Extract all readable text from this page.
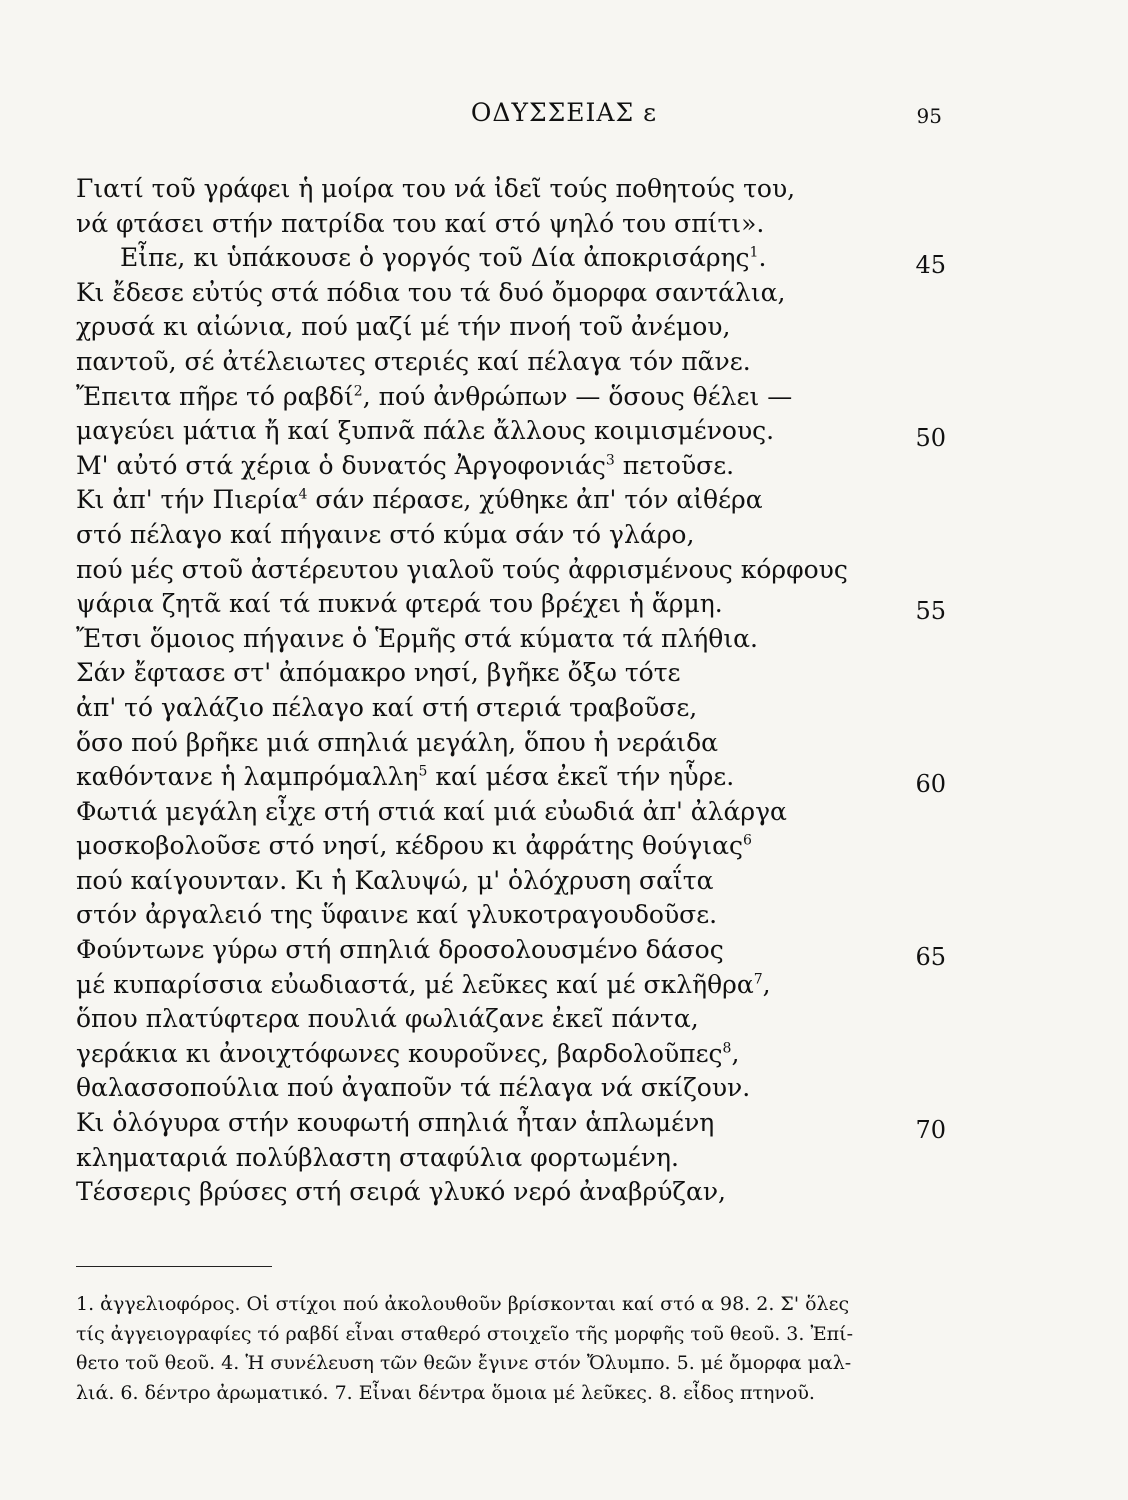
ΟΔΥΣΣΕΙΑΣ ε	95
Γιατί τοῦ γράφει ἡ μοίρα του νά ἰδεῖ τούς ποθητούς του,
νά φτάσει στήν πατρίδα του καί στό ψηλό του σπίτι».
Εἶπε, κι ὑπάκουσε ὁ γοργός τοῦ Δία ἀποκρισάρης$^1$.	45
Κι ἔδεσε εὐτύς στά πόδια του τά δυό ὄμορφα σαντάλια,
χρυσά κι αἰώνια, πού μαζί μέ τήν πνοή τοῦ ἀνέμου,
παντοῦ, σέ ἀτέλειωτες στεριές καί πέλαγα τόν πᾶνε.
Ἔπειτα πῆρε τό ραβδί$^2$, πού ἀνθρώπων — ὅσους θέλει —
μαγεύει μάτια ἤ καί ξυπνᾶ πάλε ἄλλους κοιμισμένους.	50
Μ' αὐτό στά χέρια ὁ δυνατός Ἀργοφονιάς$^3$ πετοῦσε.
Κι ἀπ' τήν Πιερία$^4$ σάν πέρασε, χύθηκε ἀπ' τόν αἰθέρα
στό πέλαγο καί πήγαινε στό κύμα σάν τό γλάρο,
πού μές στοῦ ἀστέρευτου γιαλοῦ τούς ἀφρισμένους κόρφους
ψάρια ζητᾶ καί τά πυκνά φτερά του βρέχει ἡ ἅρμη.	55
Ἔτσι ὅμοιος πήγαινε ὁ Ἑρμῆς στά κύματα τά πλήθια.
Σάν ἔφτασε στ' ἀπόμακρο νησί, βγῆκε ὄξω τότε
ἀπ' τό γαλάζιο πέλαγο καί στή στεριά τραβοῦσε,
ὅσο πού βρῆκε μιά σπηλιά μεγάλη, ὅπου ἡ νεράιδα
καθόντανε ἡ λαμπρόμαλλη$^5$ καί μέσα ἐκεῖ τήν ηὗρε.	60
Φωτιά μεγάλη εἶχε στή στιά καί μιά εὐωδιά ἀπ' ἀλάργα
μοσκοβολοῦσε στό νησί, κέδρου κι ἀφράτης θούγιας$^6$
πού καίγουνταν. Κι ἡ Καλυψώ, μ' ὁλόχρυση σαΐτα
στόν ἀργαλειό της ὕφαινε καί γλυκοτραγουδοῦσε.
Φούντωνε γύρω στή σπηλιά δροσολουσμένο δάσος	65
μέ κυπαρίσσια εὐωδιαστά, μέ λεῦκες καί μέ σκλῆθρα$^7$,
ὅπου πλατύφτερα πουλιά φωλιάζανε ἐκεῖ πάντα,
γεράκια κι ἀνοιχτόφωνες κουροῦνες, βαρδολοῦπες$^8$,
θαλασσοπούλια πού ἀγαποῦν τά πέλαγα νά σκίζουν.
Κι ὁλόγυρα στήν κουφωτή σπηλιά ἦταν ἁπλωμένη	70
κληματαριά πολύβλαστη σταφύλια φορτωμένη.
Τέσσερις βρύσες στή σειρά γλυκό νερό ἀναβρύζαν,
1. ἀγγελιοφόρος. Οἱ στίχοι πού ἀκολουθοῦν βρίσκονται καί στό α 98. 2. Σ' ὅλες
τίς ἀγγειογραφίες τό ραβδί εἶναι σταθερό στοιχεῖο τῆς μορφῆς τοῦ θεοῦ. 3. Ἐπί-
θετο τοῦ θεοῦ. 4. Ἡ συνέλευση τῶν θεῶν ἔγινε στόν Ὄλυμπο. 5. μέ ὄμορφα μαλ-
λιά. 6. δέντρο ἀρωματικό. 7. Εἶναι δέντρα ὅμοια μέ λεῦκες. 8. εἶδος πτηνοῦ.
